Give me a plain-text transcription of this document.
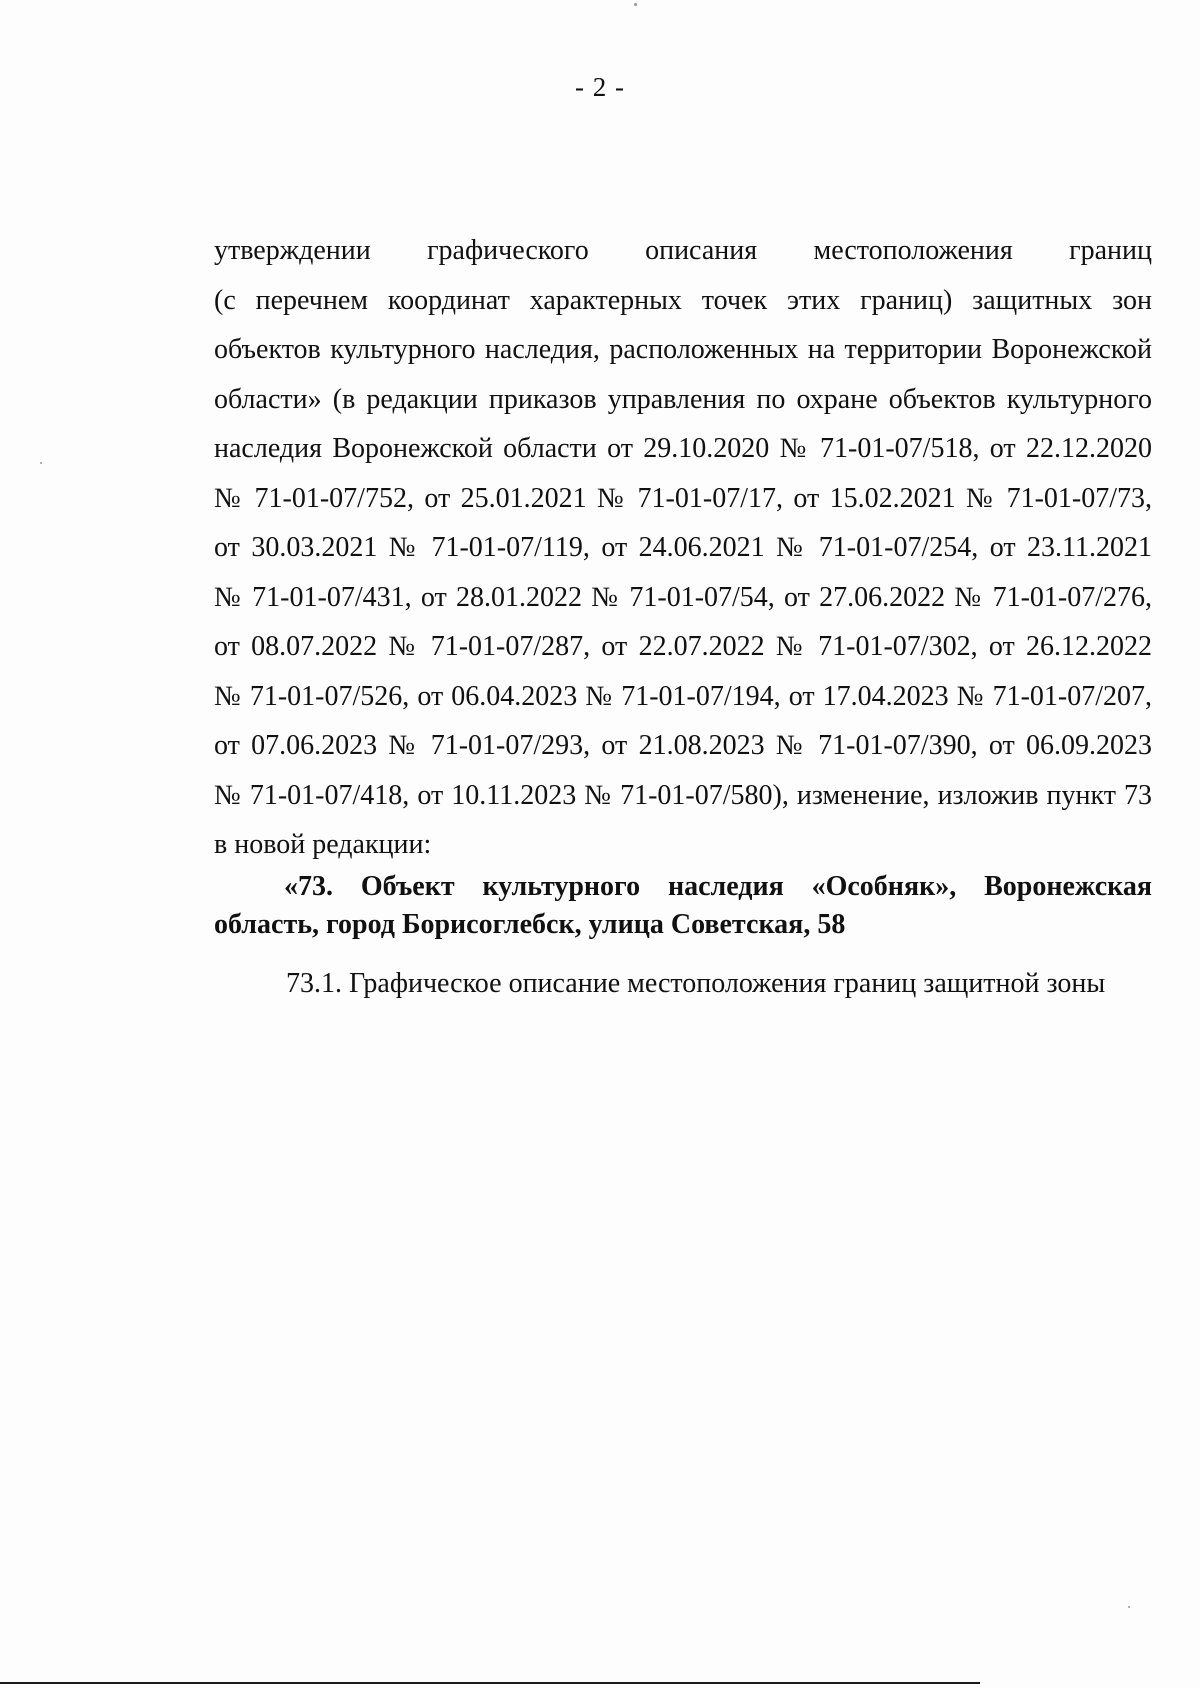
- 2 -
утверждении графического описания местоположения границ
(с перечнем координат характерных точек этих границ) защитных зон
объектов культурного наследия, расположенных на территории Воронежской
области» (в редакции приказов управления по охране объектов культурного
наследия Воронежской области от 29.10.2020 № 71-01-07/518, от 22.12.2020
№ 71-01-07/752, от 25.01.2021 № 71-01-07/17, от 15.02.2021 № 71-01-07/73,
от 30.03.2021 № 71-01-07/119, от 24.06.2021 № 71-01-07/254, от 23.11.2021
№ 71-01-07/431, от 28.01.2022 № 71-01-07/54, от 27.06.2022 № 71-01-07/276,
от 08.07.2022 № 71-01-07/287, от 22.07.2022 № 71-01-07/302, от 26.12.2022
№ 71-01-07/526, от 06.04.2023 № 71-01-07/194, от 17.04.2023 № 71-01-07/207,
от 07.06.2023 № 71-01-07/293, от 21.08.2023 № 71-01-07/390, от 06.09.2023
№ 71-01-07/418, от 10.11.2023 № 71-01-07/580), изменение, изложив пункт 73
в новой редакции:
«73. Объект культурного наследия «Особняк», Воронежская
область, город Борисоглебск, улица Советская, 58
73.1. Графическое описание местоположения границ защитной зоны
